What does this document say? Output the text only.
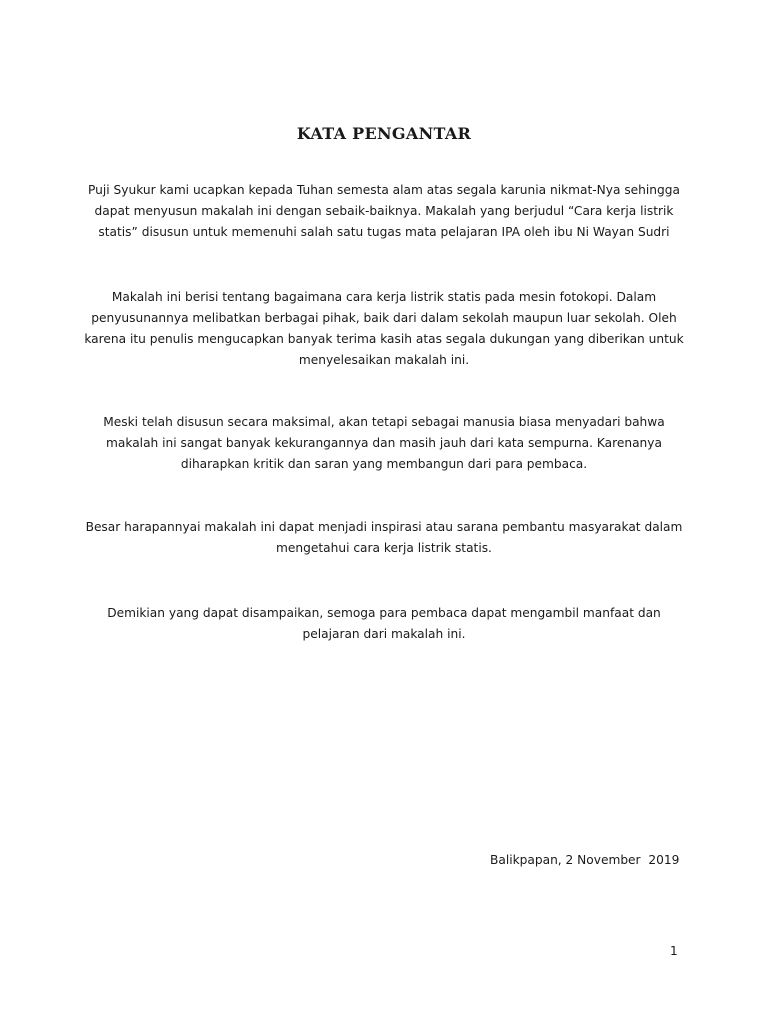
KATA PENGANTAR

Puji Syukur kami ucapkan kepada Tuhan semesta alam atas segala karunia nikmat-Nya sehingga dapat menyusun makalah ini dengan sebaik-baiknya. Makalah yang berjudul “Cara kerja listrik statis” disusun untuk memenuhi salah satu tugas mata pelajaran IPA oleh ibu Ni Wayan Sudri

Makalah ini berisi tentang bagaimana cara kerja listrik statis pada mesin fotokopi. Dalam penyusunannya melibatkan berbagai pihak, baik dari dalam sekolah maupun luar sekolah. Oleh karena itu penulis mengucapkan banyak terima kasih atas segala dukungan yang diberikan untuk menyelesaikan makalah ini.

Meski telah disusun secara maksimal, akan tetapi sebagai manusia biasa menyadari bahwa makalah ini sangat banyak kekurangannya dan masih jauh dari kata sempurna. Karenanya diharapkan kritik dan saran yang membangun dari para pembaca.

Besar harapannyai makalah ini dapat menjadi inspirasi atau sarana pembantu masyarakat dalam mengetahui cara kerja listrik statis.

Demikian yang dapat disampaikan, semoga para pembaca dapat mengambil manfaat dan pelajaran dari makalah ini.

Balikpapan, 2 November  2019
1
